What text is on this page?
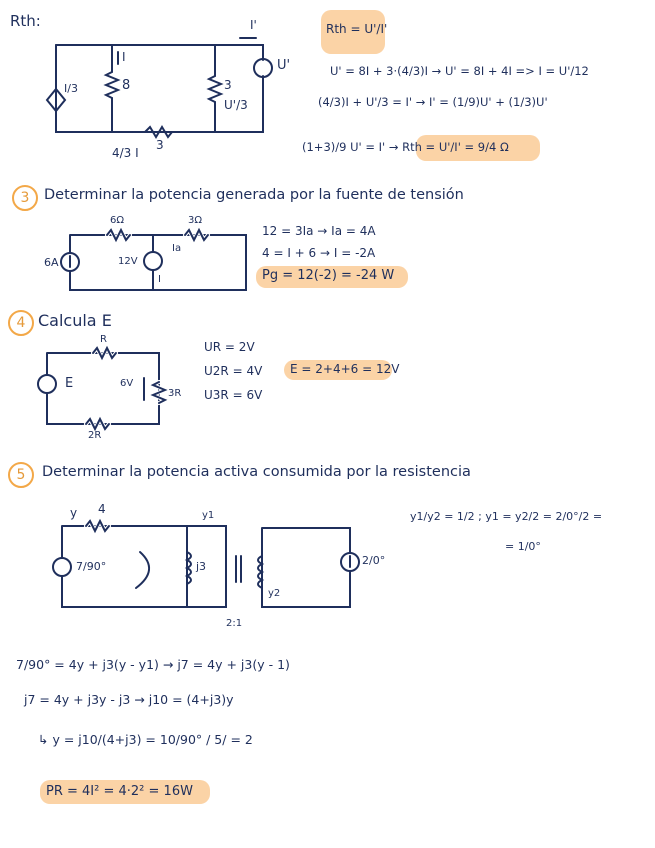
Rth:
I/3	8
I
I'
U'
3
U'/3
3
4/3 I
Rth = U'/I'
U' = 8I + 3·(4/3)I → U' = 8I + 4I => I = U'/12
(4/3)I + U'/3 = I' → I' = (1/9)U' + (1/3)U'
(1+3)/9 U' = I' → Rth = U'/I' = 9/4 Ω
3	Determinar la potencia generada por la fuente de tensión
6Ω	3Ω
Ia
6A	12V
I
12 = 3Ia → Ia = 4A
4 = I + 6 → I = -2A
Pg = 12(-2) = -24 W
4 Calcula E
R
E	6V
3R
2R
UR = 2V
U2R = 4V
U3R = 6V
E = 2+4+6 = 12V
5	Determinar la potencia activa consumida por la resistencia
y 4	y1
7/90°	j3
2:1
y2
2/0°
y1/y2 = 1/2 ; y1 = y2/2 = 2/0°/2 =
= 1/0°
7/90° = 4y + j3(y - y1) → j7 = 4y + j3(y - 1)
j7 = 4y + j3y - j3 → j10 = (4+j3)y
↳ y = j10/(4+j3) = 10/90° / 5/ = 2
PR = 4I² = 4·2² = 16W
